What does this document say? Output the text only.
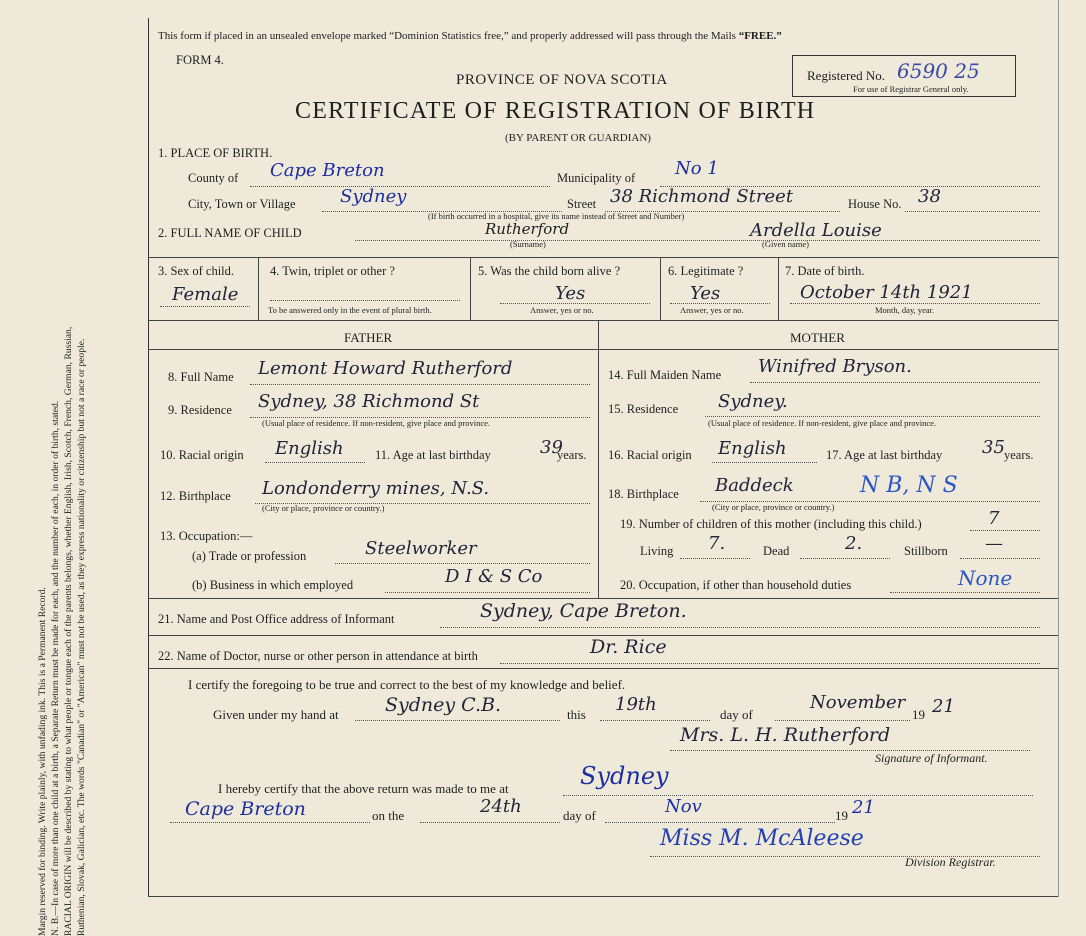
Margin reserved for binding. Write plainly, with unfading ink. This is a Permanent Record. N. B.—In case of more than one child at a birth, a Separate Return must be made for each, and the number of each, in order of birth, stated. RACIAL ORIGIN will be described by stating to what people or tongue each of the parents belongs, whether English, Irish, Scotch, French, German, Russian, Ruthenian, Slovak, Galician, etc. The words "Canadian" or "American" must not be used, as they express nationality or citizenship but not a race or people.
This form if placed in an unsealed envelope marked “Dominion Statistics free,” and properly addressed will pass through the Mails “FREE.”
FORM 4.
PROVINCE OF NOVA SCOTIA
CERTIFICATE OF REGISTRATION OF BIRTH
(BY PARENT OR GUARDIAN)
Registered No. 6590 25
For use of Registrar General only.
1. PLACE OF BIRTH.
County of Cape Breton	Municipality of No 1
City, Town or Village Sydney	Street 38 Richmond Street	House No. 38
(If birth occurred in a hospital, give its name instead of Street and Number)
2. FULL NAME OF CHILD	Rutherford
(Surname)
Ardella Louise
(Given name)
3. Sex of child.
Female
4. Twin, triplet or other ?
To be answered only in the event of plural birth.
5. Was the child born alive ?
Yes
Answer, yes or no.
6. Legitimate ?
Yes
Answer, yes or no.
7. Date of birth.
October 14th 1921
Month, day, year.
FATHER	MOTHER
8. Full Name Lemont Howard Rutherford
9. Residence Sydney, 38 Richmond St
(Usual place of residence. If non-resident, give place and province.
10. Racial origin English	11. Age at last birthday	39
years.
12. Birthplace Londonderry mines, N.S.
(City or place, province or country.)
13. Occupation:—
(a) Trade or profession	Steelworker
(b) Business in which employed	D I & S Co
14. Full Maiden Name Winifred Bryson.
15. Residence Sydney.
(Usual place of residence. If non-resident, give place and province.
16. Racial origin English	17. Age at last birthday 35 years.
18. Birthplace Baddeck	N B, N S
(City or place, province or country.)
19. Number of children of this mother (including this child.)	7
Living 7.	Dead	2.	Stillborn —
20. Occupation, if other than household duties	None
21. Name and Post Office address of Informant	Sydney, Cape Breton.
22. Name of Doctor, nurse or other person in attendance at birth	Dr. Rice
I certify the foregoing to be true and correct to the best of my knowledge and belief.
Given under my hand at Sydney C.B.	this 19th	day of
November
19 21
Mrs. L. H. Rutherford
Signature of Informant.
I hereby certify that the above return was made to me at	Sydney
Cape Breton	on the	24th	day of	Nov	19 21
Miss M. McAleese
Division Registrar.
